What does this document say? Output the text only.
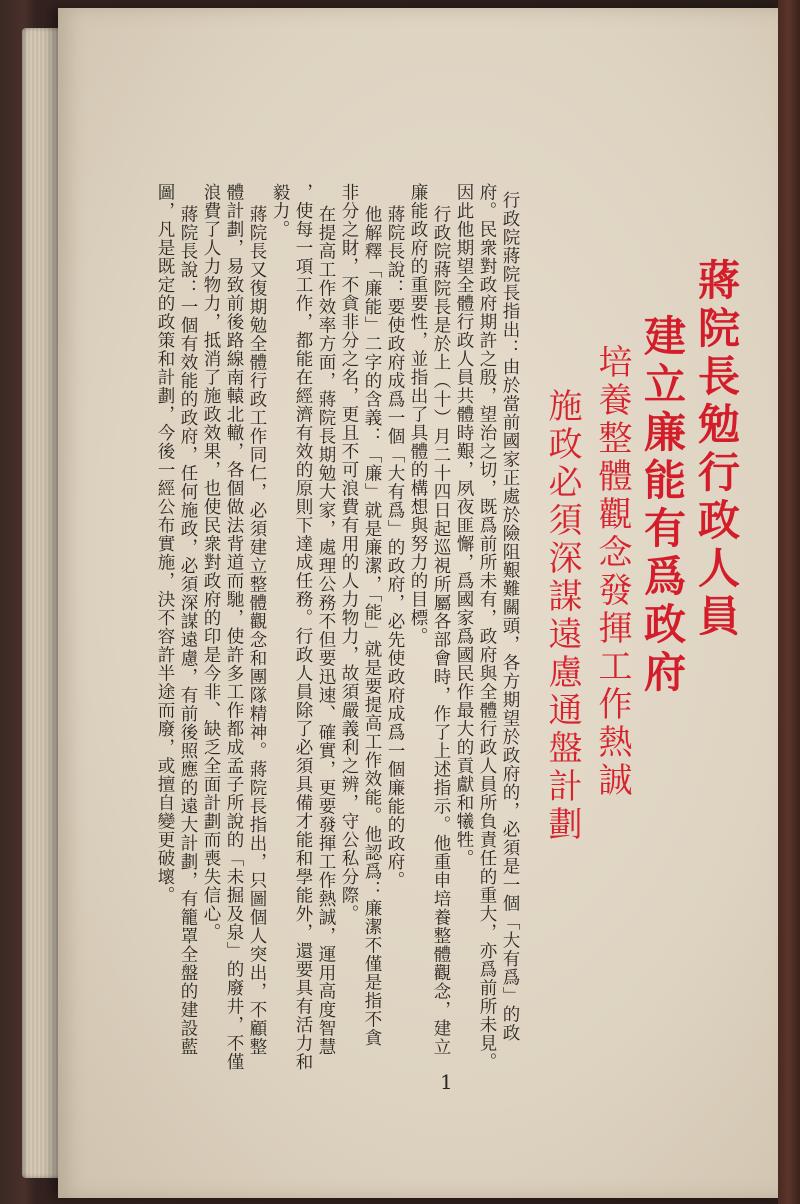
蔣院長勉行政人員
建立廉能有爲政府
培養整體觀念發揮工作熱誠
施政必須深謀遠慮通盤計劃
行政院蔣院長指出：由於當前國家正處於險阻艱難關頭，各方期望於政府的，必須是一個「大有爲」的政
府。民衆對政府期許之殷，望治之切，既爲前所未有，政府與全體行政人員所負責任的重大，亦爲前所未見。
因此他期望全體行政人員共體時艱，夙夜匪懈，爲國家爲國民作最大的貢獻和犧牲。
行政院蔣院長是於上（十）月二十四日起巡視所屬各部會時，作了上述指示。他重申培養整體觀念，建立
廉能政府的重要性，並指出了具體的構想與努力的目標。
蔣院長說：要使政府成爲一個「大有爲」的政府，必先使政府成爲一個廉能的政府。
他解釋「廉能」二字的含義：「廉」就是廉潔，「能」就是要提高工作效能。他認爲：廉潔不僅是指不貪
非分之財，不貪非分之名，更且不可浪費有用的人力物力，故須嚴義利之辨，守公私分際。
在提高工作效率方面，蔣院長期勉大家，處理公務不但要迅速、確實，更要發揮工作熱誠，運用高度智慧
，使每一項工作，都能在經濟有效的原則下達成任務。行政人員除了必須具備才能和學能外，還要具有活力和
毅力。
蔣院長又復期勉全體行政工作同仁，必須建立整體觀念和團隊精神。蔣院長指出，只圖個人突出，不顧整
體計劃，易致前後路線南轅北轍，各個做法背道而馳，使許多工作都成孟子所說的「未掘及泉」的廢井，不僅
浪費了人力物力，抵消了施政效果，也使民衆對政府的印是今非、缺乏全面計劃而喪失信心。
蔣院長說：一個有效能的政府，任何施政，必須深謀遠慮，有前後照應的遠大計劃，有籠罩全盤的建設藍
圖，凡是既定的政策和計劃，今後一經公布實施，決不容許半途而廢，或擅自變更破壞。
1
